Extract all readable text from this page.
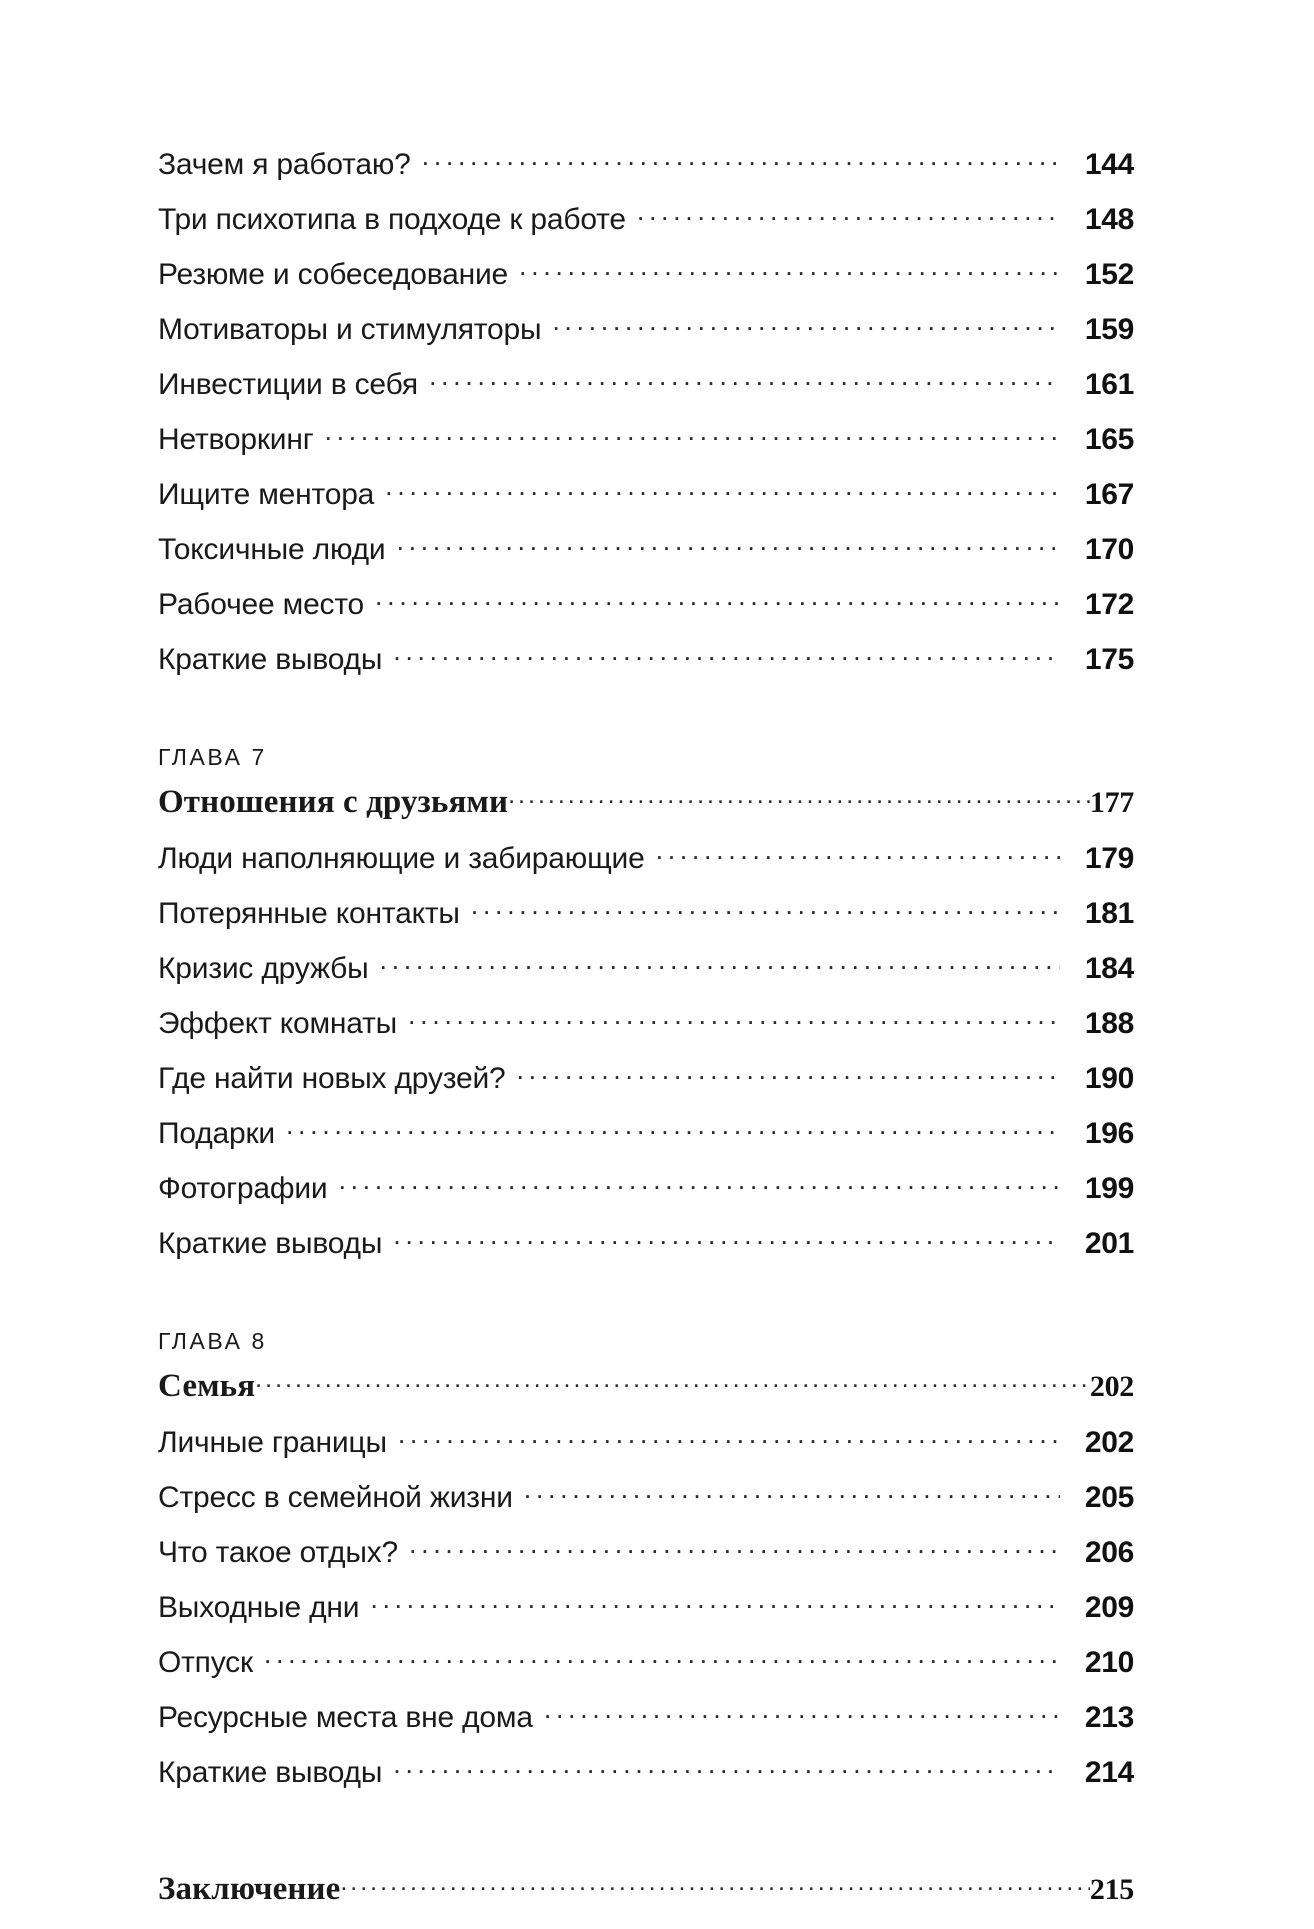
Зачем я работаю? .....	144
Три психотипа в подходе к работе .....	148
Резюме и собеседование .....	152
Мотиваторы и стимуляторы .....	159
Инвестиции в себя .....	161
Нетворкинг .....	165
Ищите ментора .....	167
Токсичные люди .....	170
Рабочее место .....	172
Краткие выводы .....	175
ГЛАВА 7
Отношения с друзьями .....	177
Люди наполняющие и забирающие .....	179
Потерянные контакты .....	181
Кризис дружбы .....	184
Эффект комнаты .....	188
Где найти новых друзей? .....	190
Подарки .....	196
Фотографии .....	199
Краткие выводы .....	201
ГЛАВА 8
Семья .....	202
Личные границы .....	202
Стресс в семейной жизни .....	205
Что такое отдых? .....	206
Выходные дни .....	209
Отпуск .....	210
Ресурсные места вне дома .....	213
Краткие выводы .....	214
Заключение .....	215
